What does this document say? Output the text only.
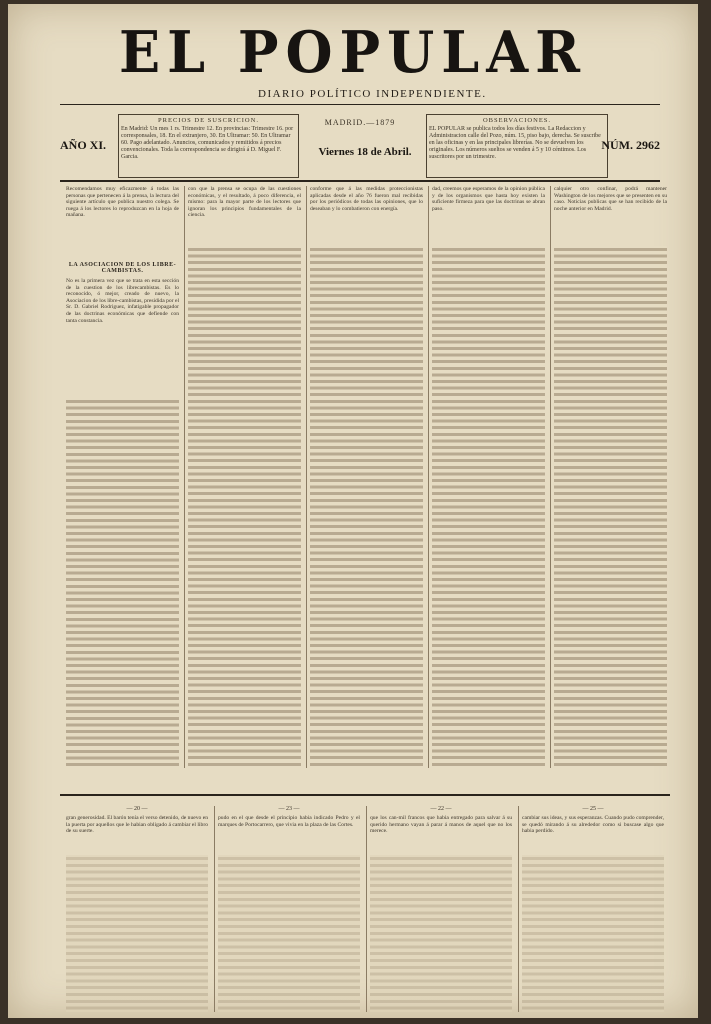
EL POPULAR
DIARIO POLÍTICO INDEPENDIENTE.
AÑO XI.
PRECIOS DE SUSCRICION.
En Madrid: Un mes 1 rs. Trimestre 12. En provincias: Trimestre 16. por corresponsales, 18. En el extranjero, 30. En Ultramar: 50. En Ultramar 60. Pago adelantado. Anuncios, comunicados y remitidos á precios convencionales. Toda la correspondencia se dirigirá á D. Miguel F. Garcia.
MADRID.—1879
Viernes 18 de Abril.
OBSERVACIONES.
EL POPULAR se publica todos los días festivos. La Redaccion y Administracion calle del Pozo, núm. 15, piso bajo, derecha. Se suscribe en las oficinas y en las principales librerías. No se devuelven los originales. Los números sueltos se venden á 5 y 10 céntimos. Los suscritores por un trimestre.
NÚM. 2962

Recomendamos muy eficazmente á todas las personas que pertenecen á la prensa, la lectura del siguiente artículo que publica nuestro colega. Se ruega á los lectores lo reproduzcan en la hoja de mañana.

LA ASOCIACION DE LOS LIBRE-CAMBISTAS.

No es la primera vez que se trata en esta sección de la cuestion de los librecambistas. Es lo reconocido, ó mejor, creado de nuevo, la Asociacion de los libre-cambistas, presidida por el Sr. D. Gabriel Rodriguez, infatigable propagador de las doctrinas económicas que defiende con tanta constancia.

con que la prensa se ocupa de las cuestiones económicas, y el resultado, á poco diferencia, el mismo: para la mayor parte de los lectores que ignoran los principios fundamentales de la ciencia.

conforme que á las medidas proteccionistas aplicadas desde el año 76 fueron mal recibidas por los periódicos de todas las opiniones, que lo deseaban y lo combatieron con energía.

dad, creemos que esperamos de la opinion pública y de los organismos que hasta hoy existen la suficiente firmeza para que las doctrinas se abran paso.

calquier otro confinar, podrá mantener Washington de los mejores que se presenten en su caso. Noticias publicas que se han recibido de la noche anterior en Madrid.

— 20 —

gran generosidad. El barón tenía el verso detenido, de nuevo en la puerta por aquellos que le habian obligado á cambiar el libro de su suerte.

— 23 —

pudo en el que desde el principio habia indicado Pedro y el marques de Portocarrero, que vivia en la plaza de las Cortes.

— 22 —

que los can-mil francos que habia entregado para salvar á su querido hermano vayan á parar á manos de aquel que no los merece.

— 25 —

cambiar sus ideas, y sus esperanzas. Cuando pudo comprender, se quedó mirando á su alrededor como si buscase algo que habia perdido.
